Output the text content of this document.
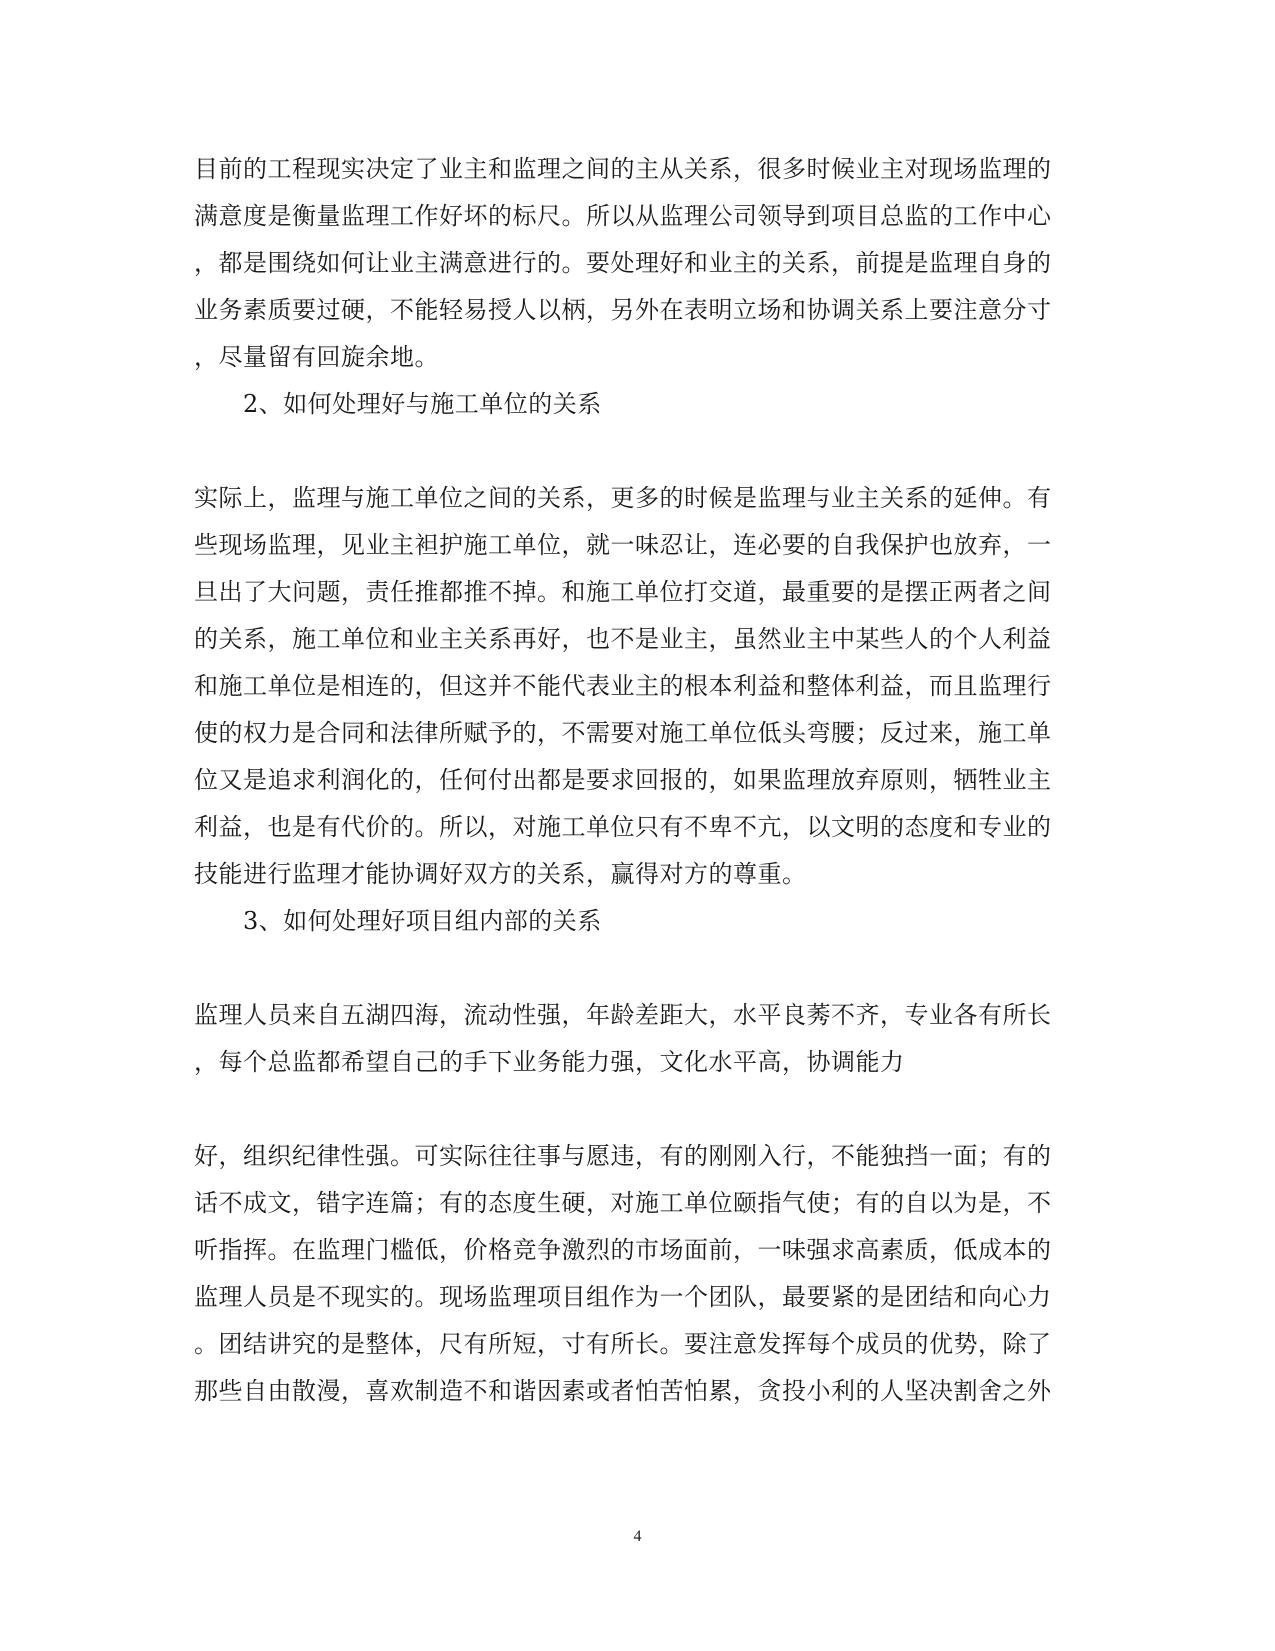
目前的工程现实决定了业主和监理之间的主从关系，很多时候业主对现场监理的
满意度是衡量监理工作好坏的标尺。所以从监理公司领导到项目总监的工作中心
，都是围绕如何让业主满意进行的。要处理好和业主的关系，前提是监理自身的
业务素质要过硬，不能轻易授人以柄，另外在表明立场和协调关系上要注意分寸
，尽量留有回旋余地。
2、如何处理好与施工单位的关系
实际上，监理与施工单位之间的关系，更多的时候是监理与业主关系的延伸。有
些现场监理，见业主袒护施工单位，就一味忍让，连必要的自我保护也放弃，一
旦出了大问题，责任推都推不掉。和施工单位打交道，最重要的是摆正两者之间
的关系，施工单位和业主关系再好，也不是业主，虽然业主中某些人的个人利益
和施工单位是相连的，但这并不能代表业主的根本利益和整体利益，而且监理行
使的权力是合同和法律所赋予的，不需要对施工单位低头弯腰；反过来，施工单
位又是追求利润化的，任何付出都是要求回报的，如果监理放弃原则，牺牲业主
利益，也是有代价的。所以，对施工单位只有不卑不亢，以文明的态度和专业的
技能进行监理才能协调好双方的关系，赢得对方的尊重。
3、如何处理好项目组内部的关系
监理人员来自五湖四海，流动性强，年龄差距大，水平良莠不齐，专业各有所长
，每个总监都希望自己的手下业务能力强，文化水平高，协调能力
好，组织纪律性强。可实际往往事与愿违，有的刚刚入行，不能独挡一面；有的
话不成文，错字连篇；有的态度生硬，对施工单位颐指气使；有的自以为是，不
听指挥。在监理门槛低，价格竞争激烈的市场面前，一味强求高素质，低成本的
监理人员是不现实的。现场监理项目组作为一个团队，最要紧的是团结和向心力
。团结讲究的是整体，尺有所短，寸有所长。要注意发挥每个成员的优势，除了
那些自由散漫，喜欢制造不和谐因素或者怕苦怕累，贪投小利的人坚决割舍之外
4
